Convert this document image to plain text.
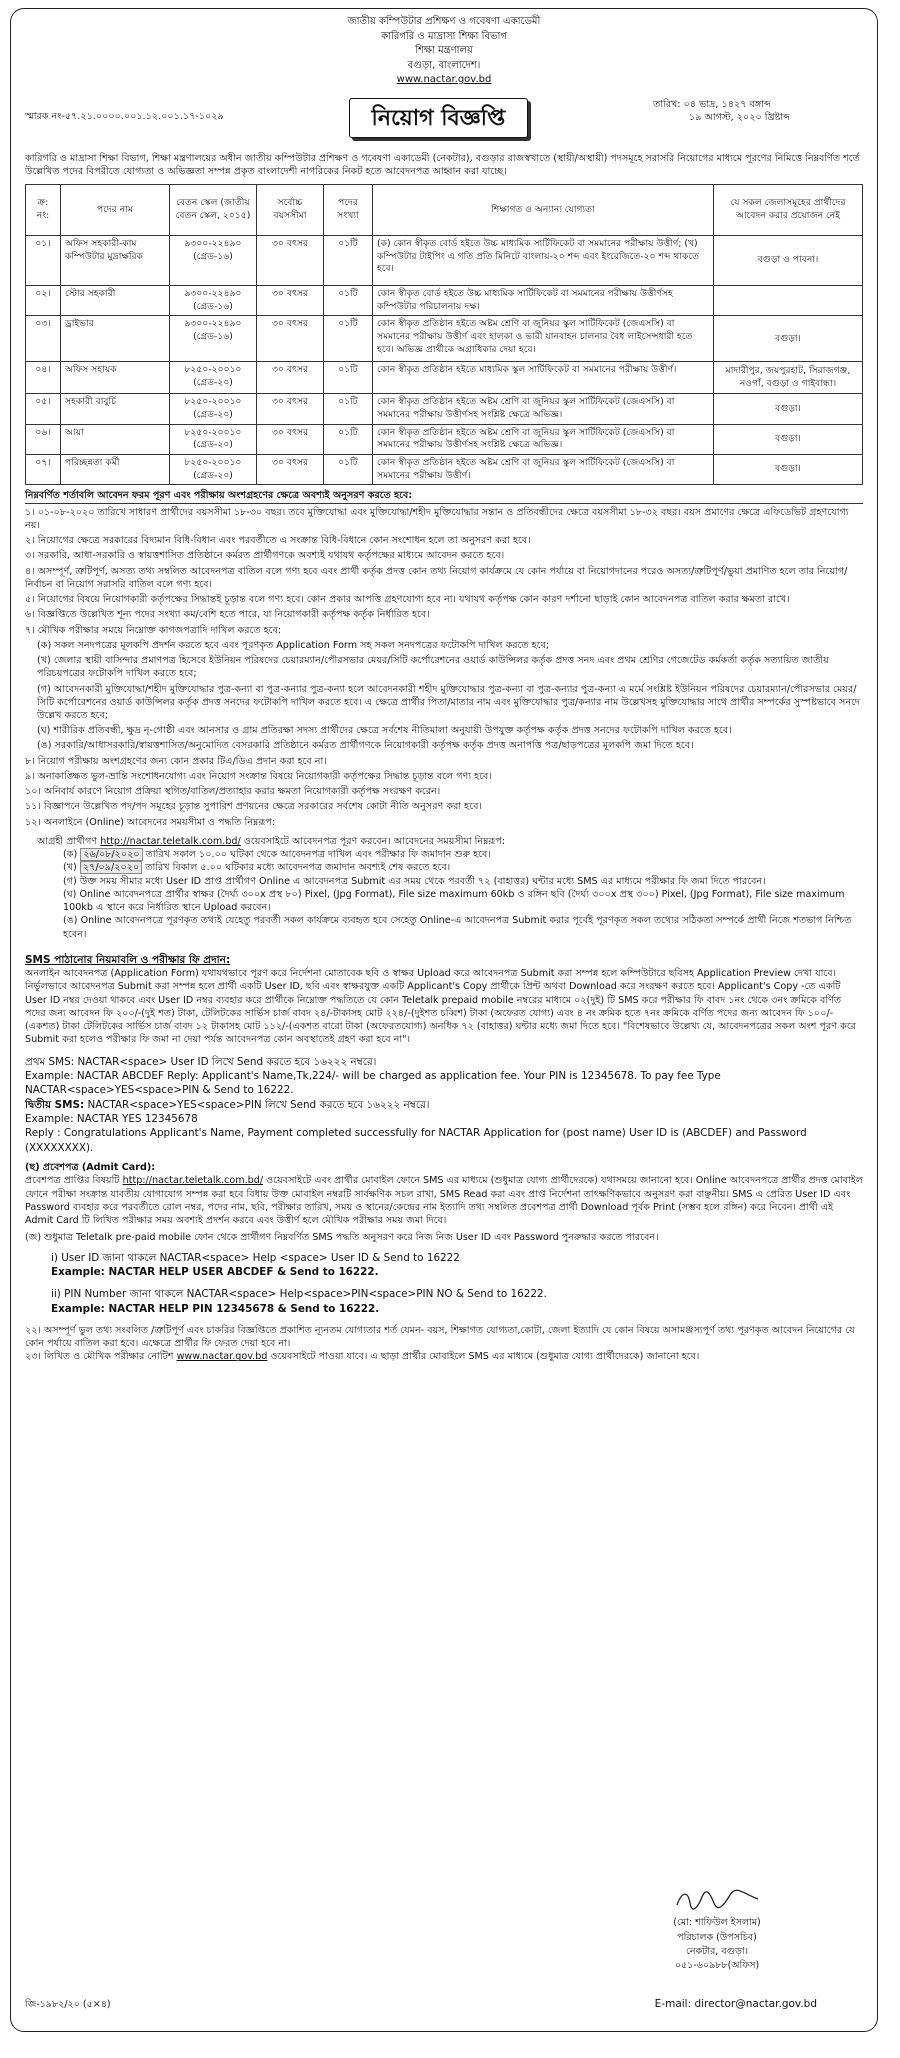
জাতীয় কম্পিউটার প্রশিক্ষণ ও গবেষণা একাডেমী
কারিগরি ও মাদ্রাসা শিক্ষা বিভাগ
শিক্ষা মন্ত্রণালয়
বগুড়া, বাংলাদেশ।
www.nactar.gov.bd
স্মারক নং-৫৭.২১.০০০০.০০১.১২.০০১.১৭-১০২৯	নিয়োগ বিজ্ঞপ্তি
তারিখ: ০৪ ভাদ্র, ১৪২৭ বঙ্গাব্দ
১৯ আগস্ট, ২০২০ খ্রিষ্টাব্দ

কারিগরি ও মাদ্রাসা শিক্ষা বিভাগ, শিক্ষা মন্ত্রণালয়ের অধীন জাতীয় কম্পিউটার প্রশিক্ষণ ও গবেষণা একাডেমী (নেকটার), বগুড়ার রাজস্বখাতে (স্থায়ী/অস্থায়ী) পদসমূহে সরাসরি নিয়োগের মাধ্যমে পূরণের নিমিত্তে নিম্নবর্ণিত শর্তে উল্লেখিত পদের বিপরীতে যোগ্যতা ও অভিজ্ঞতা সম্পন্ন প্রকৃত বাংলাদেশী নাগরিকের নিকট হতে আবেদনপত্র আহ্বান করা যাচ্ছে।

ক্র: নং:	পদের নাম	বেতন স্কেল (জাতীয় বেতন স্কেল, ২০১৫)	সর্বোচ্চ বয়সসীমা	পদের সংখ্যা	শিক্ষাগত ও অন্যান্য যোগ্যতা	যে সকল জেলাসমূহের প্রার্থীদের আবেদন করার প্রয়োজন নেই
০১।	অফিস সহকারী-কাম কম্পিউটার মুদ্রাক্ষরিক	৯৩০০-২২৪৯০ (গ্রেড-১৬)	৩০ বৎসর	০১টি	(ক) কোন স্বীকৃত বোর্ড হইতে উচ্চ মাধ্যমিক সার্টিফিকেট বা সমমানের পরীক্ষায় উত্তীর্ণ; (খ) কম্পিউটার টাইপিং এ গতি প্রতি মিনিটে বাংলায়-২০ শব্দ এবং ইংরেজিতে-২০ শব্দ থাকতে হবে।	বগুড়া ও পাবনা।
০২।	স্টোর সহকারী	৯৩০০-২২৪৯০ (গ্রেড-১৬)	৩০ বৎসর	০১টি	কোন স্বীকৃত বোর্ড হইতে উচ্চ মাধ্যমিক সার্টিফিকেট বা সমমানের পরীক্ষায় উত্তীর্ণসহ কম্পিউটার পরিচালনায় দক্ষ।	
০৩।	ড্রাইভার	৯৩০০-২২৪৯০ (গ্রেড-১৬)	৩০ বৎসর	০১টি	কোন স্বীকৃত প্রতিষ্ঠান হইতে অষ্টম শ্রেণি বা জুনিয়র স্কুল সার্টিফিকেট (জেএসসি) বা সমমানের পরীক্ষায় উত্তীর্ণ এবং হালকা ও ভারী যানবাহন চালনার বৈধ লাইসেন্সধারী হতে হবে। অভিজ্ঞ প্রার্থীকে অগ্রাধিকার দেয়া হবে।	বগুড়া।
০৪।	অফিস সহায়ক	৮২৫০-২০০১০ (গ্রেড-২০)	৩০ বৎসর	০১টি	কোন স্বীকৃত প্রতিষ্ঠান হইতে মাধ্যমিক স্কুল সার্টিফিকেট বা সমমানের পরীক্ষায় উত্তীর্ণ।	মাদারীপুর, জয়পুরহাট, সিরাজগঞ্জ, নওগাঁ, বগুড়া ও গাইবান্ধা।
০৫।	সহকারী বাবুর্চি	৮২৫০-২০০১০ (গ্রেড-২০)	৩০ বৎসর	০১টি	কোন স্বীকৃত প্রতিষ্ঠান হইতে অষ্টম শ্রেণি বা জুনিয়র স্কুল সার্টিফিকেট (জেএসসি) বা সমমানের পরীক্ষায় উত্তীর্ণসহ সংশ্লিষ্ট ক্ষেত্রে অভিজ্ঞ।	বগুড়া।
০৬।	আয়া	৮২৫০-২০০১০ (গ্রেড-২০)	৩০ বৎসর	০১টি	কোন স্বীকৃত প্রতিষ্ঠান হইতে অষ্টম শ্রেণি বা জুনিয়র স্কুল সার্টিফিকেট (জেএসসি) বা সমমানের পরীক্ষায় উত্তীর্ণসহ সংশ্লিষ্ট ক্ষেত্রে অভিজ্ঞ।	বগুড়া।
০৭।	পরিচ্ছন্নতা কর্মী	৮২৫০-২০০১০ (গ্রেড-২০)	৩০ বৎসর	০১টি	কোন স্বীকৃত প্রতিষ্ঠান হইতে অষ্টম শ্রেণি বা জুনিয়র স্কুল সার্টিফিকেট (জেএসসি) বা সমমানের পরীক্ষায় উত্তীর্ণ।	বগুড়া।
নিম্নবর্ণিত শর্তাবলি আবেদন ফরম পূরণ এবং পরীক্ষায় অংশগ্রহণের ক্ষেত্রে অবশ্যই অনুসরণ করতে হবে:

১। ০১-০৮-২০২০ তারিখে সাধারণ প্রার্থীদের বয়সসীমা ১৮-৩০ বছর। তবে মুক্তিযোদ্ধা এবং মুক্তিযোদ্ধা/শহীদ মুক্তিযোদ্ধার সন্তান ও প্রতিবন্ধীদের ক্ষেত্রে বয়সসীমা ১৮-৩২ বছর। বয়স প্রমাণের ক্ষেত্রে এফিডেভিট গ্রহণযোগ্য নয়।

২। নিয়োগের ক্ষেত্রে সরকারের বিদ্যমান বিধি-বিধান এবং পরবর্তীতে এ সংক্রান্ত বিধি-বিধানে কোন সংশোধন হলে তা অনুসরণ করা হবে।

৩। সরকারি, আধা-সরকারি ও স্বায়ত্তশাসিত প্রতিষ্ঠানে কর্মরত প্রার্থীগণকে অবশ্যই যথাযথ কর্তৃপক্ষের মাধ্যমে আবেদন করতে হবে।

৪। অসম্পূর্ণ, ত্রুটিপূর্ণ, অসত্য তথ্য সম্বলিত আবেদনপত্র বাতিল বলে গণ্য হবে এবং প্রার্থী কর্তৃক প্রদত্ত কোন তথ্য নিয়োগ কার্যক্রমে যে কোন পর্যায়ে বা নিয়োগদানের পরেও অসত্য/ত্রুটিপূর্ণ/ভুয়া প্রমাণিত হলে তার নিয়োগ/নির্বাচন বা নিয়োগ সরাসরি বাতিল বলে গণ্য হবে।

৫। নিয়োগের বিষয়ে নিয়োগকারী কর্তৃপক্ষের সিদ্ধান্তই চূড়ান্ত বলে গণ্য হবে। কোন প্রকার আপত্তি গ্রহণযোগ্য হবে না। যথাযথ কর্তৃপক্ষ কোন কারণ দর্শানো ছাড়াই কোন আবেদনপত্র বাতিল করার ক্ষমতা রাখে।

৬। বিজ্ঞপ্তিতে উল্লেখিত শূন্য পদের সংখ্যা কম/বেশি হতে পারে, যা নিয়োগকারী কর্তৃপক্ষ কর্তৃক নির্ধারিত হবে।

৭। মৌখিক পরীক্ষার সময়ে নিম্নোক্ত কাগজপত্রাদি দাখিল করতে হবে:

(ক) সকল সনদপত্রের মূলকপি প্রদর্শন করতে হবে এবং পূরণকৃত Application Form সহ সকল সনদপত্রের ফটোকপি দাখিল করতে হবে;

(খ) জেলার স্থায়ী বাসিন্দার প্রমাণপত্র হিসেবে ইউনিয়ন পরিষদের চেয়ারম্যান/পৌরসভার মেয়র/সিটি কর্পোরেশনের ওয়ার্ড কাউন্সিলর কর্তৃক প্রদত্ত সনদ এবং প্রথম শ্রেণির গেজেটেড কর্মকর্তা কর্তৃক সত্যায়িত জাতীয় পরিচয়পত্রের ফটোকপি দাখিল করতে হবে;

(গ) আবেদনকারী মুক্তিযোদ্ধা/শহীদ মুক্তিযোদ্ধার পুত্র-কন্যা বা পুত্র-কন্যার পুত্র-কন্যা হলে আবেদনকারী শহীদ মুক্তিযোদ্ধার পুত্র-কন্যা বা পুত্র-কন্যার পুত্র-কন্যা এ মর্মে সংশ্লিষ্ট ইউনিয়ন পরিষদের চেয়ারম্যান/পৌরসভার মেয়র/সিটি কর্পোরেশনের ওয়ার্ড কাউন্সিলর কর্তৃক প্রদত্ত সনদের ফটোকপি দাখিল করতে হবে। এ ক্ষেত্রে প্রার্থীর পিতা/মাতার নাম এবং মুক্তিযোদ্ধার পুত্র/কন্যার নাম উল্লেখসহ মুক্তিযোদ্ধার সাথে প্রার্থীর সম্পর্কের সুস্পষ্টভাবে সনদে উল্লেখ করতে হবে;

(ঘ) শারীরিক প্রতিবন্ধী, ক্ষুদ্র নৃ-গোষ্ঠী এবং আনসার ও গ্রাম প্রতিরক্ষা সদস্য প্রার্থীদের ক্ষেত্রে সর্বশেষ নীতিমালা অনুযায়ী উপযুক্ত কর্তৃপক্ষ কর্তৃক প্রদত্ত সনদের ফটোকপি দাখিল করতে হবে।

(ঙ) সরকারি/আধাসরকারি/স্বায়ত্তশাসিত/অনুমোদিত বেসরকারি প্রতিষ্ঠানে কর্মরত প্রার্থীগণকে নিয়োগকারী কর্তৃপক্ষ কর্তৃক প্রদত্ত অনাপত্তি পত্র/ছাড়পত্রের মূলকপি জমা দিতে হবে।

৮। নিয়োগ পরীক্ষায় অংশগ্রহণের জন্য কোন প্রকার টিএ/ডিএ প্রদান করা হবে না।

৯। অনাকাঙ্ক্ষিত ভুল-ভ্রান্তি সংশোধনযোগ্য এবং নিয়োগ সংক্রান্ত বিষয়ে নিয়োগকারী কর্তৃপক্ষের সিদ্ধান্ত চূড়ান্ত বলে গণ্য হবে।

১০। অনিবার্য কারণে নিয়োগ প্রক্রিয়া স্থগিত/বাতিল/প্রত্যাহার করার ক্ষমতা নিয়োগকারী কর্তৃপক্ষ সংরক্ষণ করেন।

১১। বিজ্ঞাপনে উল্লেখিত পদ/পদ সমূহের চূড়ান্ত সুপারিশ প্রণয়নের ক্ষেত্রে সরকারের সর্বশেষ কোটা নীতি অনুসরণ করা হবে।

১২। অনলাইনে (Online) আবেদনের সময়সীমা ও পদ্ধতি নিম্নরূপ:

আগ্রহী প্রার্থীগণ http://nactar.teletalk.com.bd/ ওয়েবসাইটে আবেদনপত্র পূরণ করবেন। আবেদনের সময়সীমা নিম্নরূপ:

(ক) ২৬/০৮/২০২০ তারিখ সকাল ১০.০০ ঘটিকা থেকে আবেদনপত্র দাখিল এবং পরীক্ষার ফি জমাদান শুরু হবে।

(খ) ২৭/০৯/২০২০ তারিখ বিকাল ৫.০০ ঘটিকার মধ্যে আবেদনপত্র জমাদান অবশ্যই শেষ করতে হবে।

(গ) উক্ত সময় সীমার মধ্যে User ID প্রাপ্ত প্রার্থীগণ Online এ আবেদনপত্র Submit এর সময় থেকে পরবর্তী ৭২ (বাহাত্তর) ঘন্টার মধ্যে SMS এর মাধ্যমে পরীক্ষার ফি জমা দিতে পারবেন।

(ঘ) Online আবেদনপত্রে প্রার্থীর স্বাক্ষর (দৈর্ঘ্য ৩০০x প্রস্থ ৮০) Pixel, (Jpg Format), File size maximum 60kb ও রঙ্গিন ছবি (দৈর্ঘ্য ৩০০x প্রস্থ ৩০০) Pixel, (Jpg Format), File size maximum 100kb এ স্থানে করে নির্ধারিত স্থানে Upload করবেন।

(ঙ) Online আবেদনপত্রে পূরণকৃত তথ্যই যেহেতু পরবর্তী সকল কার্যক্রমে ব্যবহৃত হবে সেহেতু Online-এ আবেদনপত্র Submit করার পূর্বেই পূরণকৃত সকল তথ্যের সঠিকতা সম্পর্কে প্রার্থী নিজে শতভাগ নিশ্চিত হবেন।

SMS পাঠানোর নিয়মাবলি ও পরীক্ষার ফি প্রদান:

অনলাইন আবেদনপত্র (Application Form) যথাযথভাবে পূরণ করে নির্দেশনা মোতাবেক ছবি ও স্বাক্ষর Upload করে আবেদনপত্র Submit করা সম্পন্ন হলে কম্পিউটারে ছবিসহ Application Preview দেখা যাবে। নির্ভুলভাবে আবেদনপত্র Submit করা সম্পন্ন হলে প্রার্থী একটি User ID, ছবি এবং স্বাক্ষরযুক্ত একটি Applicant's Copy প্রার্থীকে প্রিন্ট অথবা Download করে সংরক্ষণ করতে হবে। Applicant's Copy -তে একটি User ID নম্বর দেওয়া থাকবে এবং User ID নম্বর ব্যবহার করে প্রার্থীকে নিম্নোক্ত পদ্ধতিতে যে কোন Teletalk prepaid mobile নম্বরের মাধ্যমে ০২(দুই) টি SMS করে পরীক্ষার ফি বাবদ ১নং থেকে ৩নং ক্রমিকে বর্ণিত পদের জন্য আবেদন ফি ২০০/-(দুই শত) টাকা, টেলিটকের সার্ভিস চার্জ বাবদ ২৪/-টাকাসহ মোট ২২৪/-(দুইশত চব্বিশ) টাকা (অফেরত যোগ্য) এবং ৪ নং ক্রমিক হতে ৭নং ক্রমিকে বর্ণিত পদের জন্য আবেদন ফি ১০০/-(একশত) টাকা টেলিটকের সার্ভিস চার্জ বাবদ ১২ টাকাসহ মোট ১১২/-(একশত বারো টাকা (অফেরতযোগ্য) অনধিক ৭২ (বাহাত্তর) ঘন্টার মধ্যে জমা দিতে হবে। "বিশেষভাবে উল্লেখ্য যে, আবেদনপত্রের সকল অংশ পূরণ করে Submit করা হলেও পরীক্ষার ফি জমা না দেয়া পর্যন্ত আবেদনপত্র কোন অবস্থাতেই গ্রহণ করা হবে না"।

প্রথম SMS: NACTAR<space> User ID লিখে Send করতে হবে ১৬২২২ নম্বরে।

Example: NACTAR ABCDEF Reply: Applicant's Name,Tk,224/- will be charged as application fee. Your PIN is 12345678. To pay fee Type NACTAR<space>YES<space>PIN & Send to 16222.

দ্বিতীয় SMS: NACTAR<space>YES<space>PIN লিখে Send করতে হবে ১৬২২২ নম্বরে।

Example: NACTAR YES 12345678

Reply : Congratulations Applicant's Name, Payment completed successfully for NACTAR Application for (post name) User ID is (ABCDEF) and Password (XXXXXXXX).

(ছ) প্রবেশপত্র (Admit Card):

প্রবেশপত্র প্রাপ্তির বিষয়টি http://nactar.teletalk.com.bd/ ওয়েবসাইটে এবং প্রার্থীর মোবাইল ফোনে SMS এর মাধ্যমে (শুধুমাত্র যোগ্য প্রার্থীদেরকে) যথাসময়ে জানানো হবে। Online আবেদনপত্রে প্রার্থীর প্রদত্ত মোবাইল ফোনে পরীক্ষা সংক্রান্ত যাবতীয় যোগাযোগ সম্পন্ন করা হবে বিধায় উক্ত মোবাইল নম্বরটি সার্বক্ষণিক সচল রাখা, SMS Read করা এবং প্রাপ্ত নির্দেশনা তাৎক্ষণিকভাবে অনুসরণ করা বাঞ্ছনীয়। SMS এ প্রেরিত User ID এবং Password ব্যবহার করে পরবর্তীতে রোল নম্বর, পদের নাম, ছবি, পরীক্ষার তারিখ, সময় ও স্থানের/কেন্দ্রের নাম ইত্যাদি তথ্য সম্বলিত প্রবেশপত্র প্রার্থী Download পূর্বক Print (সম্ভব হলে রঙ্গিন) করে নিবেন। প্রার্থী এই Admit Card টি লিখিত পরীক্ষার সময় অবশ্যই প্রদর্শন করবে এবং উত্তীর্ণ হলে মৌখিক পরীক্ষার সময় জমা দিবে।

(জ) শুধুমাত্র Teletalk pre-paid mobile ফোন থেকে প্রার্থীগণ নিম্নবর্ণিত SMS পদ্ধতি অনুসরণ করে নিজ নিজ User ID এবং Password পুনরুদ্ধার করতে পারবেন।

i) User ID জানা থাকলে NACTAR<space> Help <space> User ID & Send to 16222

Example: NACTAR HELP USER ABCDEF & Send to 16222.

ii) PIN Number জানা থাকলে NACTAR<space> Help<space>PIN<space>PIN NO & Send to 16222.

Example: NACTAR HELP PIN 12345678 & Send to 16222.

২২। অসম্পূর্ণ ভুল তথ্য সংবলিত /ত্রুটিপূর্ণ এবং চাকরির বিজ্ঞপ্তিতে প্রকাশিত ন্যূনতম যোগ্যতার শর্ত যেমন- বয়স, শিক্ষাগত যোগ্যতা,কোটা, জেলা ইত্যাদি যে কোন বিষয়ে অসামঞ্জস্যপূর্ণ তথ্য পূরণকৃত আবেদন নিয়োগের যে কোন পর্যায়ে বাতিল করা হবে। এক্ষেত্রে প্রার্থীর ফি ফেরত দেয়া হবে না।

২৩। লিখিত ও মৌখিক পরীক্ষার নোটিশ www.nactar.gov.bd ওয়েবসাইটে পাওয়া যাবে। এ ছাড়া প্রার্থীর মোবাইলে SMS এর মাধ্যমে (শুধুমাত্র যোগ্য প্রার্থীদেরকে) জানানো হবে।

(মো: শাফিউল ইসলাম)
পরিচালক (উপসচিব)
নেকটার, বগুড়া।
০৫১-৬০৯৮৮(অফিস)
জি-১৯৮২/২০ (৫×৪)	E-mail: director@nactar.gov.bd
